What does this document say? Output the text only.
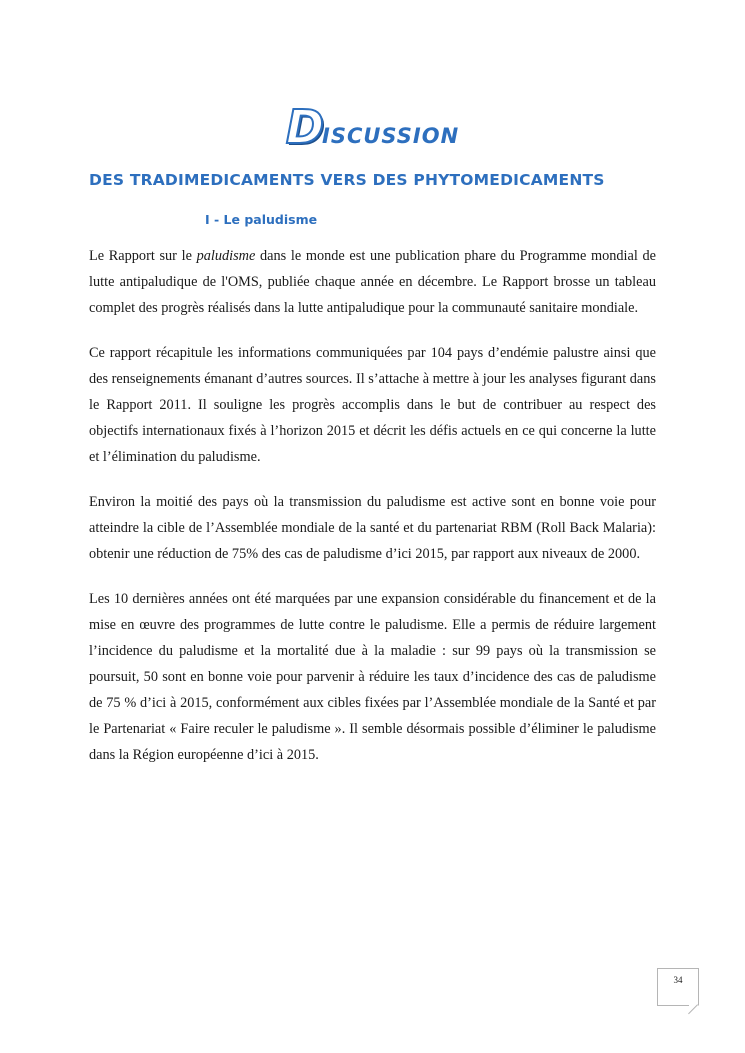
DISCUSSION
DES TRADIMEDICAMENTS VERS DES PHYTOMEDICAMENTS
I - Le paludisme

Le Rapport sur le paludisme dans le monde est une publication phare du Programme mondial de lutte antipaludique de l'OMS, publiée chaque année en décembre. Le Rapport brosse un tableau complet des progrès réalisés dans la lutte antipaludique pour la communauté sanitaire mondiale.

Ce rapport récapitule les informations communiquées par 104 pays d’endémie palustre ainsi que des renseignements émanant d’autres sources. Il s’attache à mettre à jour les analyses figurant dans le Rapport 2011. Il souligne les progrès accomplis dans le but de contribuer au respect des objectifs internationaux fixés à l’horizon 2015 et décrit les défis actuels en ce qui concerne la lutte et l’élimination du paludisme.

Environ la moitié des pays où la transmission du paludisme est active sont en bonne voie pour atteindre la cible de l’Assemblée mondiale de la santé et du partenariat RBM (Roll Back Malaria): obtenir une réduction de 75% des cas de paludisme d’ici 2015, par rapport aux niveaux de 2000.

Les 10 dernières années ont été marquées par une expansion considérable du financement et de la mise en œuvre des programmes de lutte contre le paludisme. Elle a permis de réduire largement l’incidence du paludisme et la mortalité due à la maladie : sur 99 pays où la transmission se poursuit, 50 sont en bonne voie pour parvenir à réduire les taux d’incidence des cas de paludisme de 75 % d’ici à 2015, conformément aux cibles fixées par l’Assemblée mondiale de la Santé et par le Partenariat « Faire reculer le paludisme ». Il semble désormais possible d’éliminer le paludisme dans la Région européenne d’ici à 2015.

34
